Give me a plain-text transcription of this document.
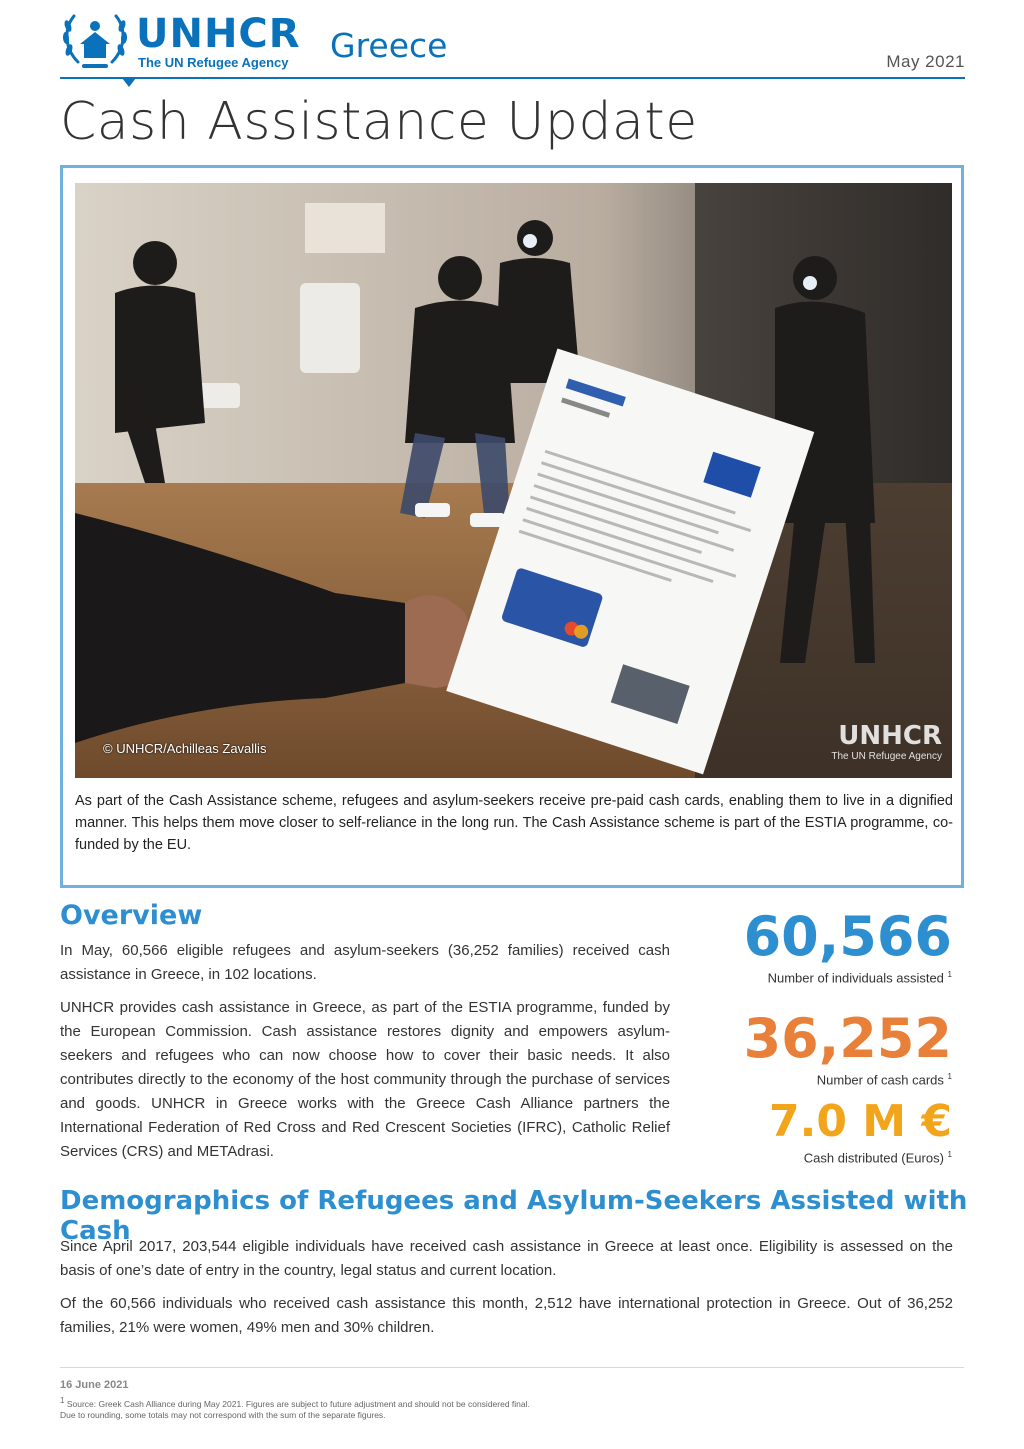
UNHCR
The UN Refugee Agency	Greece	May 2021
Cash Assistance Update
© UNHCR/Achilleas Zavallis	UNHCR
The UN Refugee Agency

As part of the Cash Assistance scheme, refugees and asylum-seekers receive pre-paid cash cards, enabling them to live in a dignified manner. This helps them move closer to self-reliance in the long run. The Cash Assistance scheme is part of the ESTIA programme, co-funded by the EU.

Overview

In May, 60,566 eligible refugees and asylum-seekers (36,252 families) received cash assistance in Greece, in 102 locations.

UNHCR provides cash assistance in Greece, as part of the ESTIA programme, funded by the European Commission. Cash assistance restores dignity and empowers asylum-seekers and refugees who can now choose how to cover their basic needs. It also contributes directly to the economy of the host community through the purchase of services and goods. UNHCR in Greece works with the Greece Cash Alliance partners the International Federation of Red Cross and Red Crescent Societies (IFRC), Catholic Relief Services (CRS) and METAdrasi.

60,566
Number of individuals assisted $^1$
36,252
Number of cash cards $^1$
7.0 M €
Cash distributed (Euros) $^1$
Demographics of Refugees and Asylum-Seekers Assisted with Cash

Since April 2017, 203,544 eligible individuals have received cash assistance in Greece at least once. Eligibility is assessed on the basis of one’s date of entry in the country, legal status and current location.

Of the 60,566 individuals who received cash assistance this month, 2,512 have international protection in Greece. Out of 36,252 families, 21% were women, 49% men and 30% children.

16 June 2021
1 Source: Greek Cash Alliance during May 2021. Figures are subject to future adjustment and should not be considered final.
Due to rounding, some totals may not correspond with the sum of the separate figures.
